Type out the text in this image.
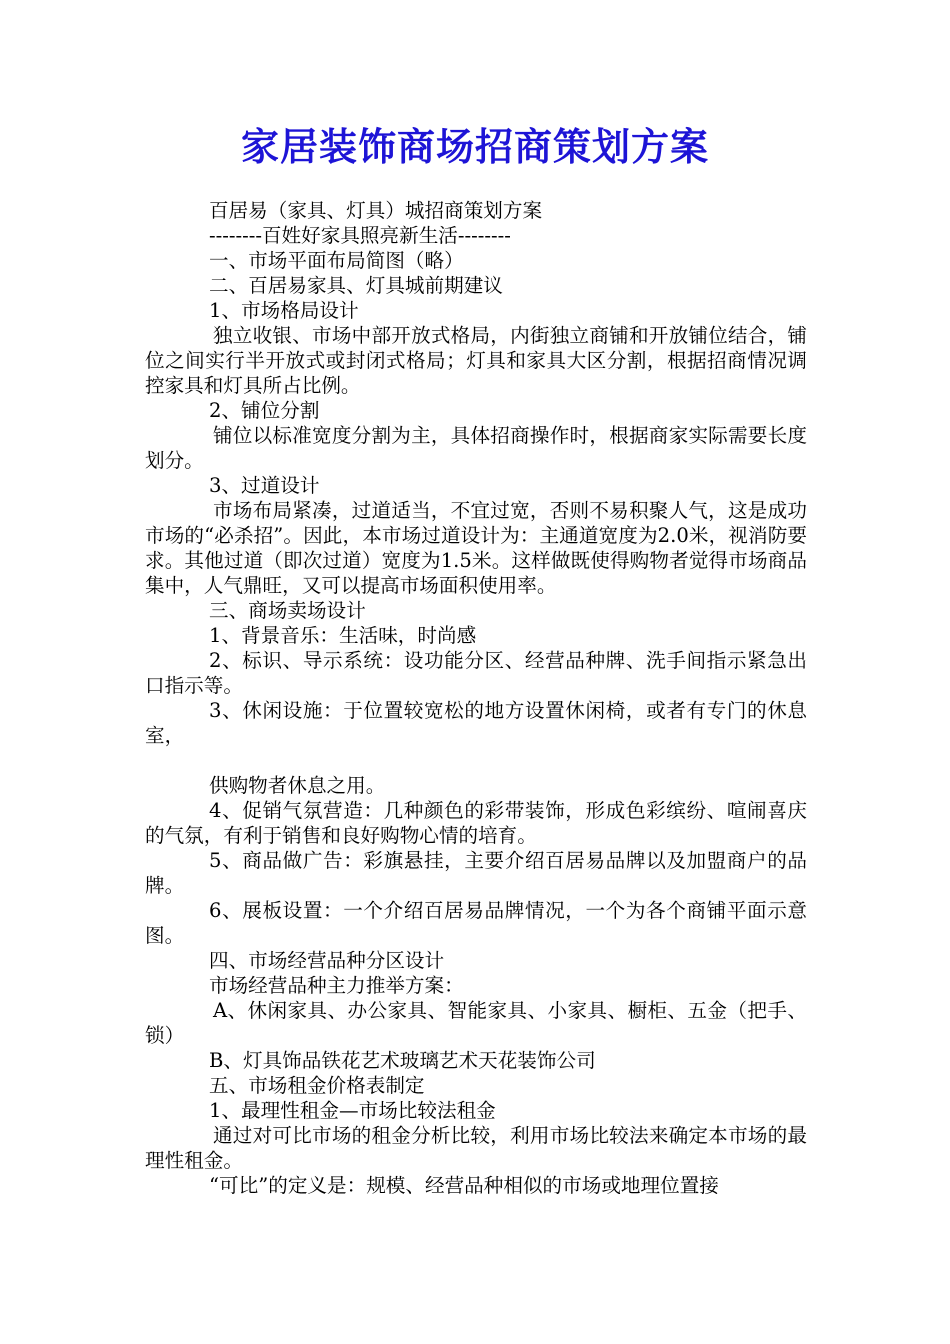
家居装饰商场招商策划方案

百居易（家具、灯具）城招商策划方案

--------百姓好家具照亮新生活--------

一、市场平面布局简图（略）

二、百居易家具、灯具城前期建议

1、市场格局设计

独立收银、市场中部开放式格局，内街独立商铺和开放铺位结合，铺位之间实行半开放式或封闭式格局；灯具和家具大区分割，根据招商情况调控家具和灯具所占比例。

2、铺位分割

铺位以标准宽度分割为主，具体招商操作时，根据商家实际需要长度划分。

3、过道设计

市场布局紧凑，过道适当，不宜过宽，否则不易积聚人气，这是成功市场的“必杀招”。因此，本市场过道设计为：主通道宽度为2.0米，视消防要求。其他过道（即次过道）宽度为1.5米。这样做既使得购物者觉得市场商品集中，人气鼎旺，又可以提高市场面积使用率。

三、商场卖场设计

1、背景音乐：生活味，时尚感

2、标识、导示系统：设功能分区、经营品种牌、洗手间指示紧急出口指示等。

3、休闲设施：于位置较宽松的地方设置休闲椅，或者有专门的休息室，

供购物者休息之用。

4、促销气氛营造：几种颜色的彩带装饰，形成色彩缤纷、喧闹喜庆的气氛，有利于销售和良好购物心情的培育。

5、商品做广告：彩旗悬挂，主要介绍百居易品牌以及加盟商户的品牌。

6、展板设置：一个介绍百居易品牌情况，一个为各个商铺平面示意图。

四、市场经营品种分区设计

市场经营品种主力推举方案：

A、休闲家具、办公家具、智能家具、小家具、橱柜、五金（把手、锁）

B、灯具饰品铁花艺术玻璃艺术天花装饰公司

五、市场租金价格表制定

1、最理性租金—市场比较法租金

通过对可比市场的租金分析比较，利用市场比较法来确定本市场的最理性租金。

“可比”的定义是：规模、经营品种相似的市场或地理位置接
